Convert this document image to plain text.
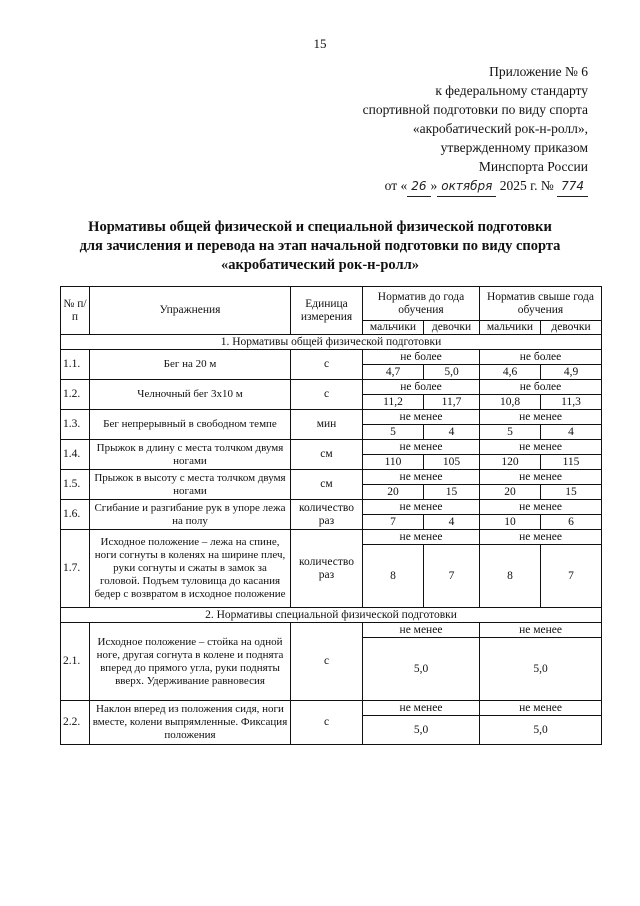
15
Приложение № 6
к федеральному стандарту
спортивной подготовки по виду спорта
«акробатический рок-н-ролл»,
утвержденному приказом
Минспорта России
от « 26 » октября 2025 г. № 774
Нормативы общей физической и специальной физической подготовки
для зачисления и перевода на этап начальной подготовки по виду спорта
«акробатический рок-н-ролл»
№ п/п	Упражнения	Единица измерения	Норматив до года обучения		Норматив свыше года обучения	
			мальчики	девочки	мальчики	девочки
1. Нормативы общей физической подготовки						
1.1.	Бег на 20 м	с	не более		не более	
			4,7	5,0	4,6	4,9
1.2.	Челночный бег 3х10 м	с	не более		не более	
			11,2	11,7	10,8	11,3
1.3.	Бег непрерывный в свободном темпе	мин	не менее		не менее	
			5	4	5	4
1.4.	Прыжок в длину с места толчком двумя ногами	см	не менее		не менее	
			110	105	120	115
1.5.	Прыжок в высоту с места толчком двумя ногами	см	не менее		не менее	
			20	15	20	15
1.6.	Сгибание и разгибание рук в упоре лежа на полу	количество раз	не менее		не менее	
			7	4	10	6
1.7.	Исходное положение – лежа на спине, ноги согнуты в коленях на ширине плеч, руки согнуты и сжаты в замок за головой. Подъем туловища до касания бедер с возвратом в исходное положение	количество раз	не менее		не менее	
			8	7	8	7
2. Нормативы специальной физической подготовки						
2.1.	Исходное положение – стойка на одной ноге, другая согнута в колене и поднята вперед до прямого угла, руки подняты вверх. Удерживание равновесия	с	не менее		не менее	
			5,0		5,0	
2.2.	Наклон вперед из положения сидя, ноги вместе, колени выпрямленные. Фиксация положения	с	не менее		не менее	
			5,0		5,0	
